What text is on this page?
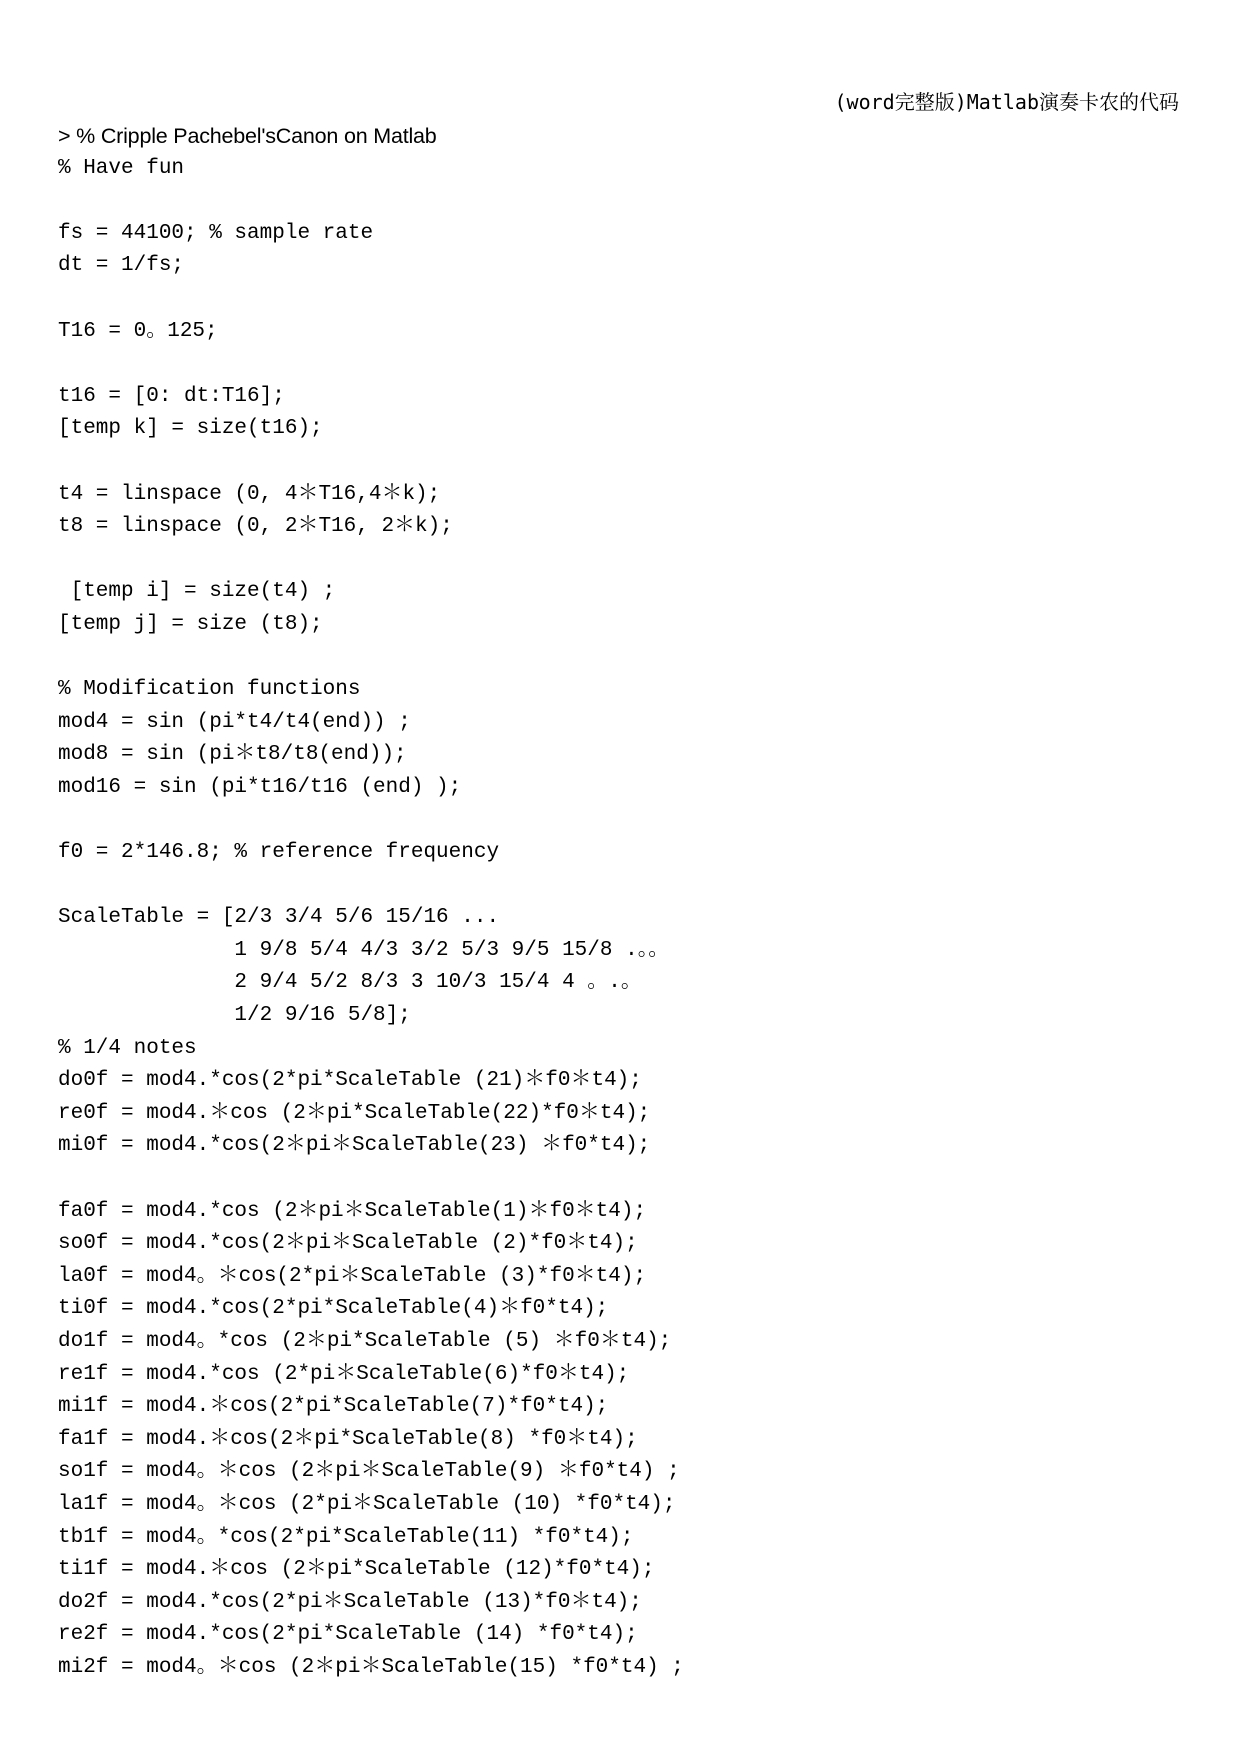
(word完整版)Matlab演奏卡农的代码
> % Cripple Pachebel'sCanon on Matlab
% Have fun
fs = 44100; % sample rate
dt = 1/fs;
T16 = 0。125;
t16 = [0: dt:T16];
[temp k] = size(t16);
t4 = linspace (0, 4＊T16,4＊k);
t8 = linspace (0, 2＊T16, 2＊k);
[temp i] = size(t4) ;
[temp j] = size (t8);
% Modification functions
mod4 = sin (pi*t4/t4(end)) ;
mod8 = sin (pi＊t8/t8(end));
mod16 = sin (pi*t16/t16 (end) );
f0 = 2*146.8; % reference frequency
ScaleTable = [2/3 3/4 5/6 15/16 ...
1 9/8 5/4 4/3 3/2 5/3 9/5 15/8 .。。
2 9/4 5/2 8/3 3 10/3 15/4 4 。.。
1/2 9/16 5/8];
% 1/4 notes
do0f = mod4.*cos(2*pi*ScaleTable (21)＊f0＊t4);
re0f = mod4.＊cos (2＊pi*ScaleTable(22)*f0＊t4);
mi0f = mod4.*cos(2＊pi＊ScaleTable(23) ＊f0*t4);
fa0f = mod4.*cos (2＊pi＊ScaleTable(1)＊f0＊t4);
so0f = mod4.*cos(2＊pi＊ScaleTable (2)*f0＊t4);
la0f = mod4。＊cos(2*pi＊ScaleTable (3)*f0＊t4);
ti0f = mod4.*cos(2*pi*ScaleTable(4)＊f0*t4);
do1f = mod4。*cos (2＊pi*ScaleTable (5) ＊f0＊t4);
re1f = mod4.*cos (2*pi＊ScaleTable(6)*f0＊t4);
mi1f = mod4.＊cos(2*pi*ScaleTable(7)*f0*t4);
fa1f = mod4.＊cos(2＊pi*ScaleTable(8) *f0＊t4);
so1f = mod4。＊cos (2＊pi＊ScaleTable(9) ＊f0*t4) ;
la1f = mod4。＊cos (2*pi＊ScaleTable (10) *f0*t4);
tb1f = mod4。*cos(2*pi*ScaleTable(11) *f0*t4);
ti1f = mod4.＊cos (2＊pi*ScaleTable (12)*f0*t4);
do2f = mod4.*cos(2*pi＊ScaleTable (13)*f0＊t4);
re2f = mod4.*cos(2*pi*ScaleTable (14) *f0*t4);
mi2f = mod4。＊cos (2＊pi＊ScaleTable(15) *f0*t4) ;
